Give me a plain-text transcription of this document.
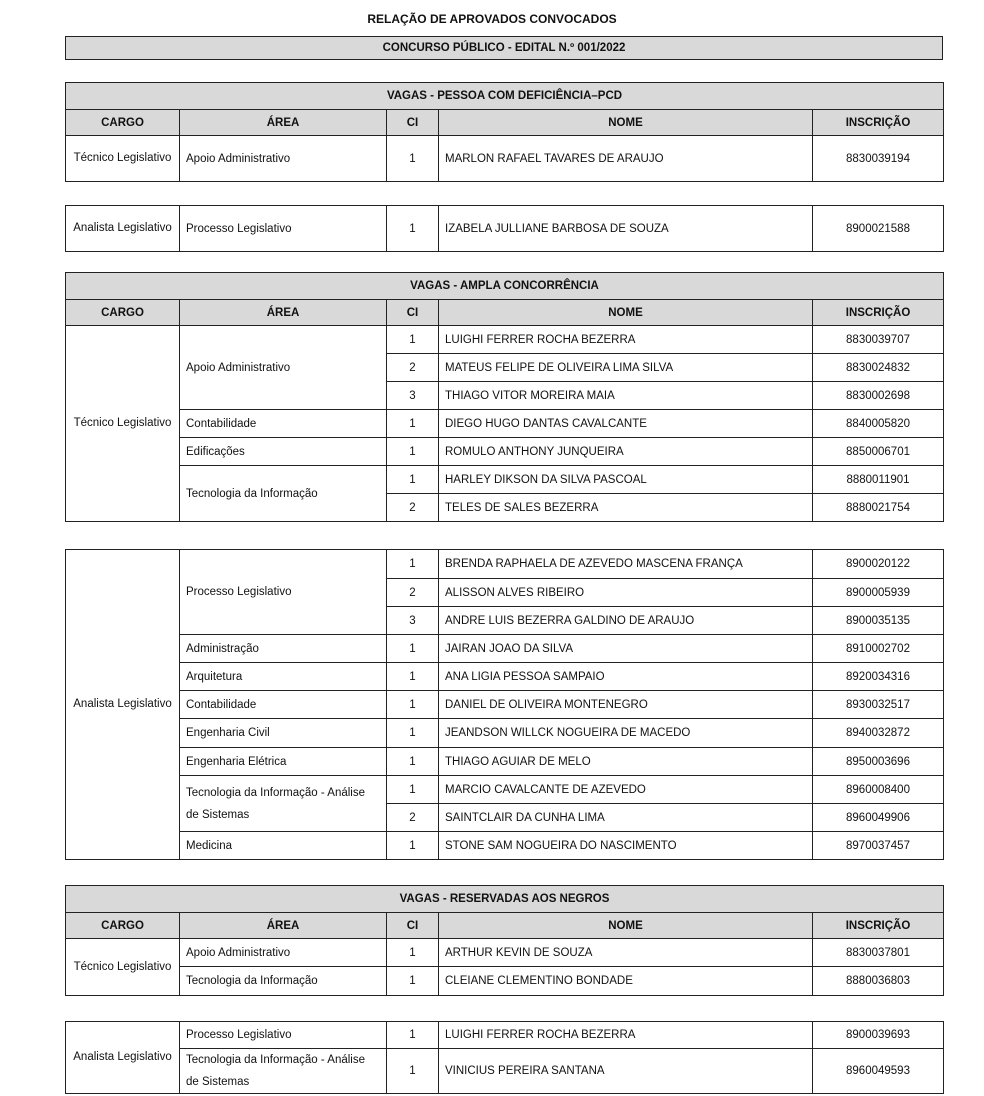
RELAÇÃO DE APROVADOS CONVOCADOS
CONCURSO PÚBLICO - EDITAL N.º 001/2022
VAGAS - PESSOA COM DEFICIÊNCIA–PCD				
CARGO	ÁREA	CI	NOME	INSCRIÇÃO
Técnico Legislativo	Apoio Administrativo	1	MARLON RAFAEL TAVARES DE ARAUJO	8830039194
Analista Legislativo	Processo Legislativo	1	IZABELA JULLIANE BARBOSA DE SOUZA	8900021588
VAGAS - AMPLA CONCORRÊNCIA				
CARGO	ÁREA	CI	NOME	INSCRIÇÃO
Técnico Legislativo	Apoio Administrativo	1	LUIGHI FERRER ROCHA BEZERRA	8830039707
		2	MATEUS FELIPE DE OLIVEIRA LIMA SILVA	8830024832
		3	THIAGO VITOR MOREIRA MAIA	8830002698
	Contabilidade	1	DIEGO HUGO DANTAS CAVALCANTE	8840005820
	Edificações	1	ROMULO ANTHONY JUNQUEIRA	8850006701
	Tecnologia da Informação	1	HARLEY DIKSON DA SILVA PASCOAL	8880011901
		2	TELES DE SALES BEZERRA	8880021754
Analista Legislativo	Processo Legislativo	1	BRENDA RAPHAELA DE AZEVEDO MASCENA FRANÇA	8900020122
		2	ALISSON ALVES RIBEIRO	8900005939
		3	ANDRE LUIS BEZERRA GALDINO DE ARAUJO	8900035135
	Administração	1	JAIRAN JOAO DA SILVA	8910002702
	Arquitetura	1	ANA LIGIA PESSOA SAMPAIO	8920034316
	Contabilidade	1	DANIEL DE OLIVEIRA MONTENEGRO	8930032517
	Engenharia Civil	1	JEANDSON WILLCK NOGUEIRA DE MACEDO	8940032872
	Engenharia Elétrica	1	THIAGO AGUIAR DE MELO	8950003696
	Tecnologia da Informação - Análise de Sistemas	1	MARCIO CAVALCANTE DE AZEVEDO	8960008400
		2	SAINTCLAIR DA CUNHA LIMA	8960049906
	Medicina	1	STONE SAM NOGUEIRA DO NASCIMENTO	8970037457
VAGAS - RESERVADAS AOS NEGROS				
CARGO	ÁREA	CI	NOME	INSCRIÇÃO
Técnico Legislativo	Apoio Administrativo	1	ARTHUR KEVIN DE SOUZA	8830037801
	Tecnologia da Informação	1	CLEIANE CLEMENTINO BONDADE	8880036803
Analista Legislativo	Processo Legislativo	1	LUIGHI FERRER ROCHA BEZERRA	8900039693
	Tecnologia da Informação - Análise de Sistemas	1	VINICIUS PEREIRA SANTANA	8960049593
